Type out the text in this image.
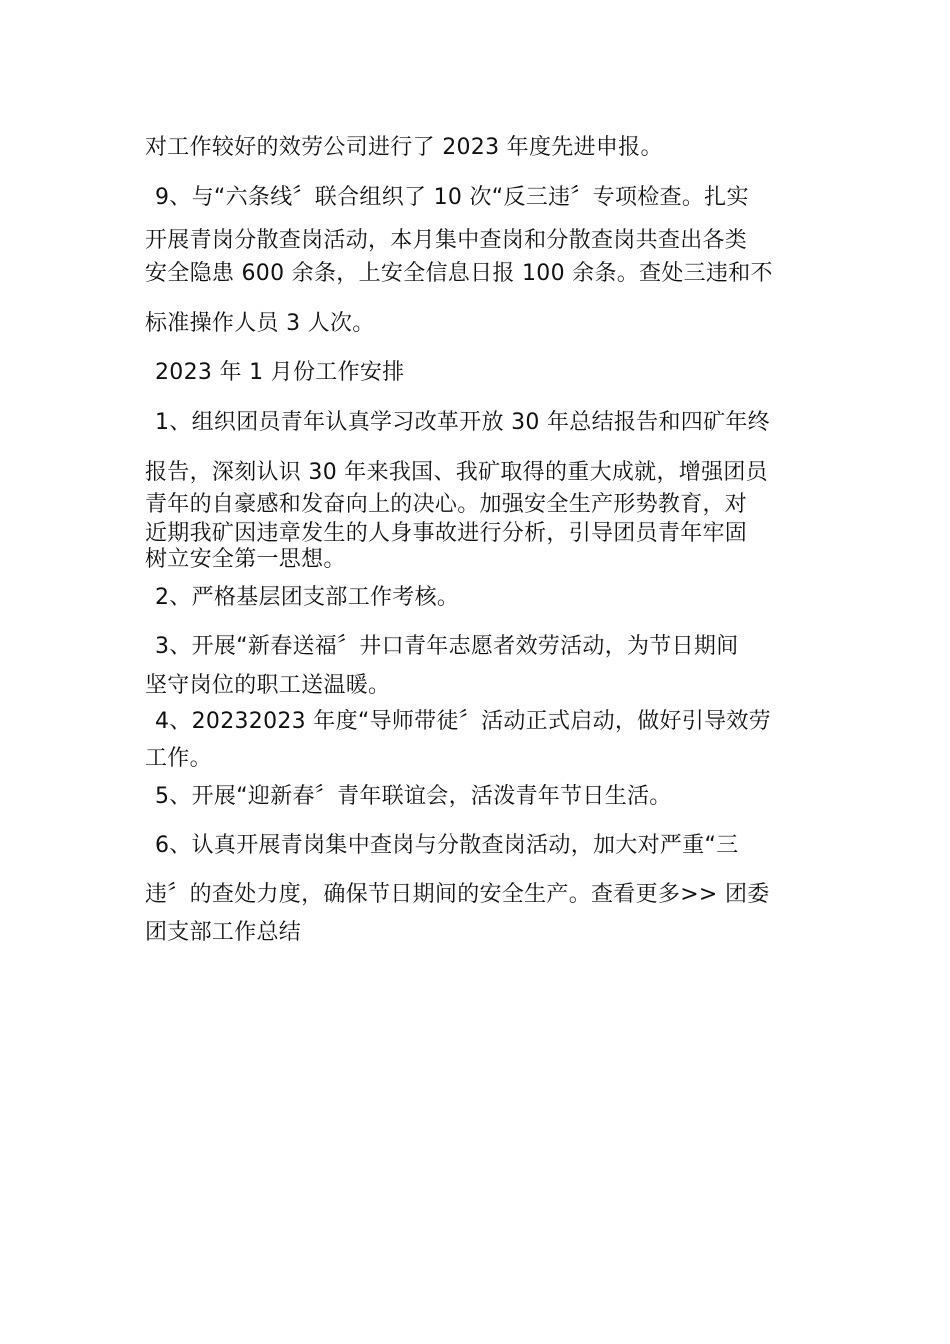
对工作较好的效劳公司进行了 2023 年度先进申报。
9、与“六条线〞联合组织了 10 次“反三违〞专项检查。扎实
开展青岗分散查岗活动，本月集中查岗和分散查岗共查出各类
安全隐患 600 余条，上安全信息日报 100 余条。查处三违和不
标准操作人员 3 人次。
2023 年 1 月份工作安排
1、组织团员青年认真学习改革开放 30 年总结报告和四矿年终
报告，深刻认识 30 年来我国、我矿取得的重大成就，增强团员
青年的自豪感和发奋向上的决心。加强安全生产形势教育，对
近期我矿因违章发生的人身事故进行分析，引导团员青年牢固
树立安全第一思想。
2、严格基层团支部工作考核。
3、开展“新春送福〞井口青年志愿者效劳活动，为节日期间
坚守岗位的职工送温暖。
4、20232023 年度“导师带徒〞活动正式启动，做好引导效劳
工作。
5、开展“迎新春〞青年联谊会，活泼青年节日生活。
6、认真开展青岗集中查岗与分散查岗活动，加大对严重“三
违〞的查处力度，确保节日期间的安全生产。查看更多>> 团委
团支部工作总结
